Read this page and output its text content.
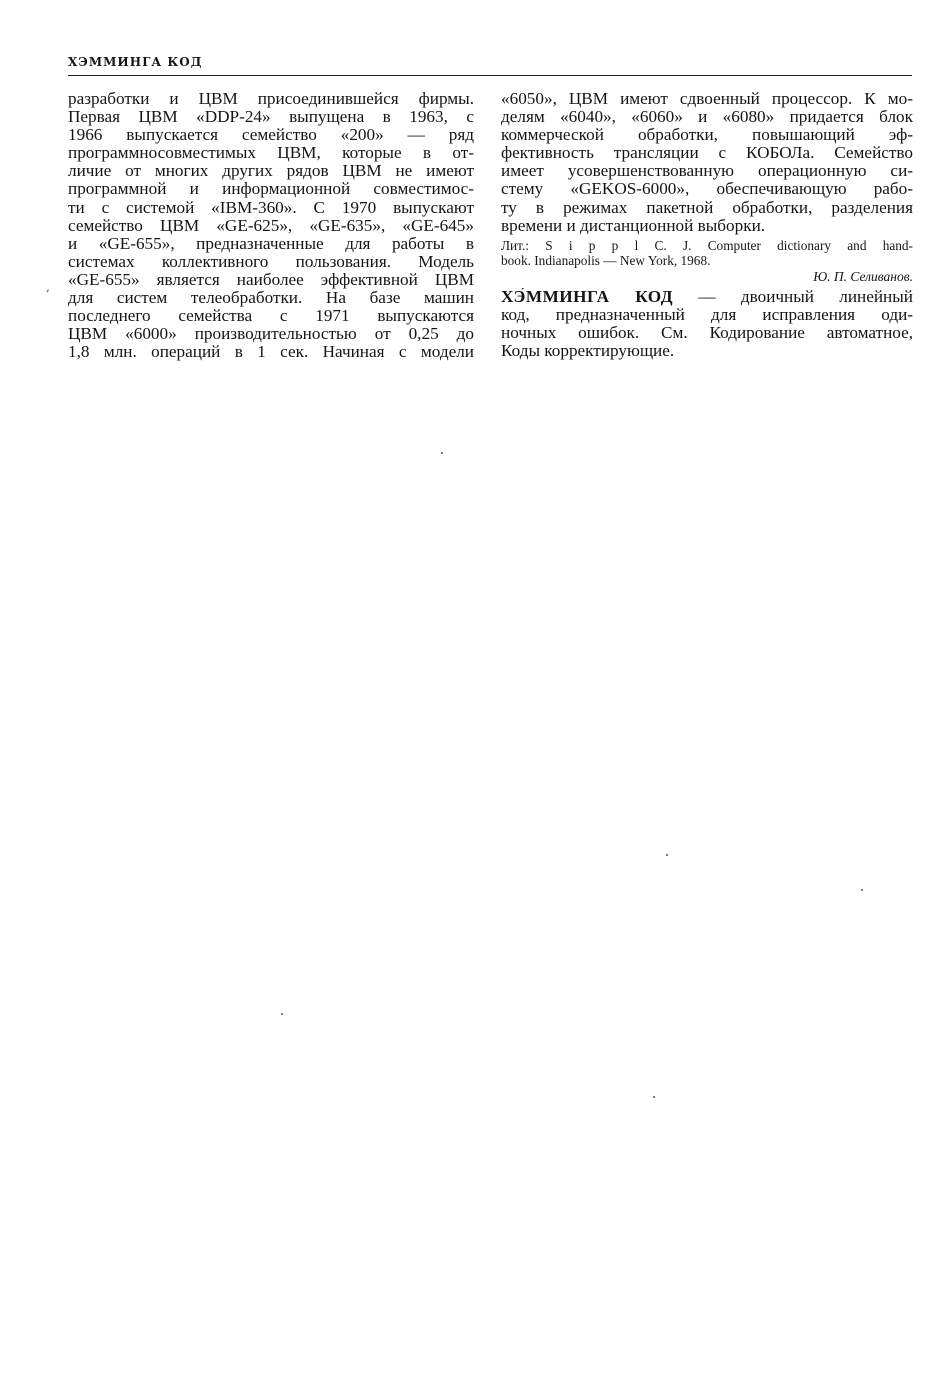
ХЭММИНГА КОД
,
разработки и ЦВМ присоединившейся фирмы.
Первая ЦВМ «DDP-24» выпущена в 1963, с
1966 выпускается семейство «200» — ряд
программносовместимых ЦВМ, которые в от-
личие от многих других рядов ЦВМ не имеют
программной и информационной совместимос-
ти с системой «IBM-360». С 1970 выпускают
семейство ЦВМ «GE-625», «GE-635», «GE-645»
и «GE-655», предназначенные для работы в
системах коллективного пользования. Модель
«GE-655» является наиболее эффективной ЦВМ
для систем телеобработки. На базе машин
последнего семейства с 1971 выпускаются
ЦВМ «6000» производительностью от 0,25 до
1,8 млн. операций в 1 сек. Начиная с модели
«6050», ЦВМ имеют сдвоенный процессор. К мо-
делям «6040», «6060» и «6080» придается блок
коммерческой обработки, повышающий эф-
фективность трансляции с КОБОЛа. Семейство
имеет усовершенствованную операционную си-
стему «GEKOS-6000», обеспечивающую рабо-
ту в режимах пакетной обработки, разделения
времени и дистанционной выборки.
Лит.: S i p p l C. J. Computer dictionary and hand-
book. Indianapolis — New York, 1968.
Ю. П. Селиванов.
ХЭ́ММИНГА КОД — двоичный линейный
код, предназначенный для исправления оди-
ночных ошибок. См. Кодирование автоматное,
Коды корректирующие.
